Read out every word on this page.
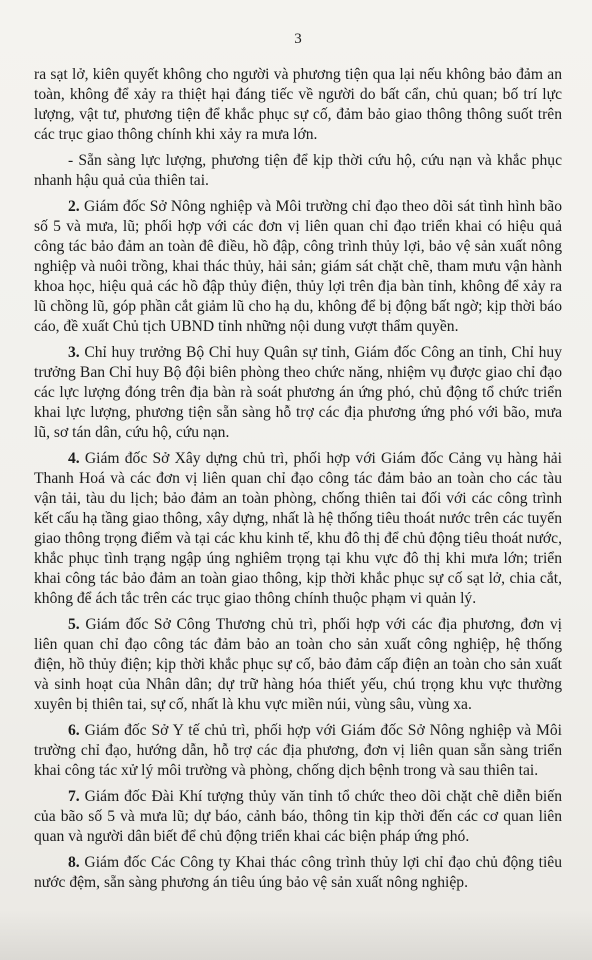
3

ra sạt lở, kiên quyết không cho người và phương tiện qua lại nếu không bảo đảm an toàn, không để xảy ra thiệt hại đáng tiếc về người do bất cẩn, chủ quan; bố trí lực lượng, vật tư, phương tiện để khắc phục sự cố, đảm bảo giao thông thông suốt trên các trục giao thông chính khi xảy ra mưa lớn.

- Sẵn sàng lực lượng, phương tiện để kịp thời cứu hộ, cứu nạn và khắc phục nhanh hậu quả của thiên tai.

2. Giám đốc Sở Nông nghiệp và Môi trường chỉ đạo theo dõi sát tình hình bão số 5 và mưa, lũ; phối hợp với các đơn vị liên quan chỉ đạo triển khai có hiệu quả công tác bảo đảm an toàn đê điều, hồ đập, công trình thủy lợi, bảo vệ sản xuất nông nghiệp và nuôi trồng, khai thác thủy, hải sản; giám sát chặt chẽ, tham mưu vận hành khoa học, hiệu quả các hồ đập thủy điện, thủy lợi trên địa bàn tỉnh, không để xảy ra lũ chồng lũ, góp phần cắt giảm lũ cho hạ du, không để bị động bất ngờ; kịp thời báo cáo, đề xuất Chủ tịch UBND tỉnh những nội dung vượt thẩm quyền.

3. Chỉ huy trưởng Bộ Chỉ huy Quân sự tỉnh, Giám đốc Công an tỉnh, Chỉ huy trưởng Ban Chỉ huy Bộ đội biên phòng theo chức năng, nhiệm vụ được giao chỉ đạo các lực lượng đóng trên địa bàn rà soát phương án ứng phó, chủ động tổ chức triển khai lực lượng, phương tiện sẵn sàng hỗ trợ các địa phương ứng phó với bão, mưa lũ, sơ tán dân, cứu hộ, cứu nạn.

4. Giám đốc Sở Xây dựng chủ trì, phối hợp với Giám đốc Cảng vụ hàng hải Thanh Hoá và các đơn vị liên quan chỉ đạo công tác đảm bảo an toàn cho các tàu vận tải, tàu du lịch; bảo đảm an toàn phòng, chống thiên tai đối với các công trình kết cấu hạ tầng giao thông, xây dựng, nhất là hệ thống tiêu thoát nước trên các tuyến giao thông trọng điểm và tại các khu kinh tế, khu đô thị để chủ động tiêu thoát nước, khắc phục tình trạng ngập úng nghiêm trọng tại khu vực đô thị khi mưa lớn; triển khai công tác bảo đảm an toàn giao thông, kịp thời khắc phục sự cố sạt lở, chia cắt, không để ách tắc trên các trục giao thông chính thuộc phạm vi quản lý.

5. Giám đốc Sở Công Thương chủ trì, phối hợp với các địa phương, đơn vị liên quan chỉ đạo công tác đảm bảo an toàn cho sản xuất công nghiệp, hệ thống điện, hồ thủy điện; kịp thời khắc phục sự cố, bảo đảm cấp điện an toàn cho sản xuất và sinh hoạt của Nhân dân; dự trữ hàng hóa thiết yếu, chú trọng khu vực thường xuyên bị thiên tai, sự cố, nhất là khu vực miền núi, vùng sâu, vùng xa.

6. Giám đốc Sở Y tế chủ trì, phối hợp với Giám đốc Sở Nông nghiệp và Môi trường chỉ đạo, hướng dẫn, hỗ trợ các địa phương, đơn vị liên quan sẵn sàng triển khai công tác xử lý môi trường và phòng, chống dịch bệnh trong và sau thiên tai.

7. Giám đốc Đài Khí tượng thủy văn tỉnh tổ chức theo dõi chặt chẽ diễn biến của bão số 5 và mưa lũ; dự báo, cảnh báo, thông tin kịp thời đến các cơ quan liên quan và người dân biết để chủ động triển khai các biện pháp ứng phó.

8. Giám đốc Các Công ty Khai thác công trình thủy lợi chỉ đạo chủ động tiêu nước đệm, sẵn sàng phương án tiêu úng bảo vệ sản xuất nông nghiệp.
